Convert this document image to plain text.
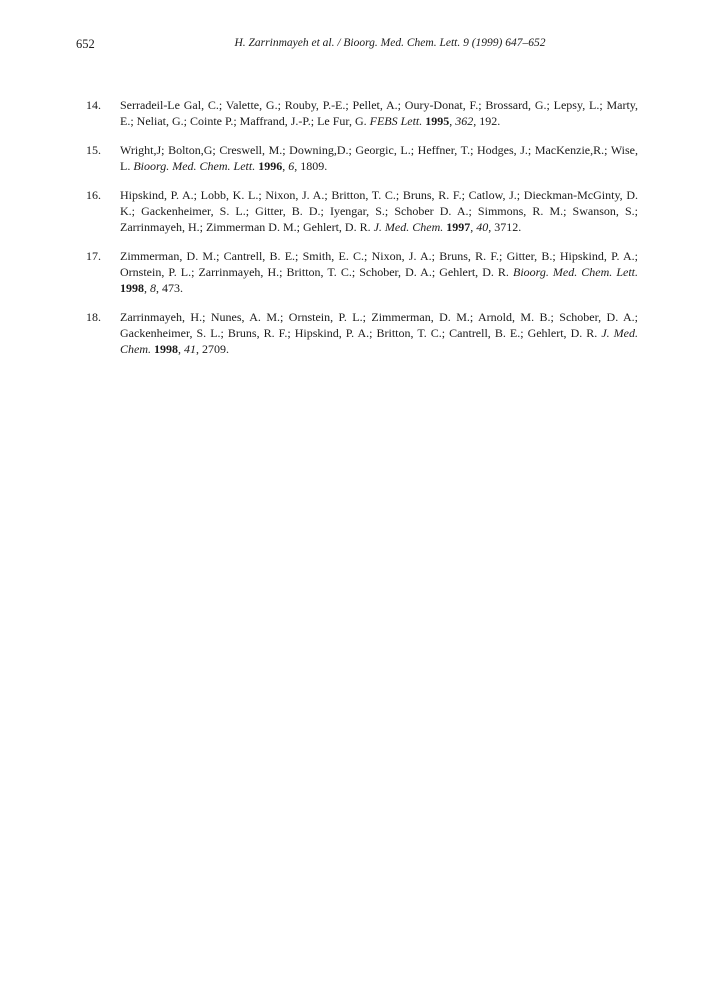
652	H. Zarrinmayeh et al. / Bioorg. Med. Chem. Lett. 9 (1999) 647–652
14. Serradeil-Le Gal, C.; Valette, G.; Rouby, P.-E.; Pellet, A.; Oury-Donat, F.; Brossard, G.; Lepsy, L.; Marty, E.; Neliat, G.; Cointe P.; Maffrand, J.-P.; Le Fur, G. FEBS Lett. 1995, 362, 192.
15. Wright,J; Bolton,G; Creswell, M.; Downing,D.; Georgic, L.; Heffner, T.; Hodges, J.; MacKenzie,R.; Wise, L. Bioorg. Med. Chem. Lett. 1996, 6, 1809.
16. Hipskind, P. A.; Lobb, K. L.; Nixon, J. A.; Britton, T. C.; Bruns, R. F.; Catlow, J.; Dieckman-McGinty, D. K.; Gackenheimer, S. L.; Gitter, B. D.; Iyengar, S.; Schober D. A.; Simmons, R. M.; Swanson, S.; Zarrinmayeh, H.; Zimmerman D. M.; Gehlert, D. R. J. Med. Chem. 1997, 40, 3712.
17. Zimmerman, D. M.; Cantrell, B. E.; Smith, E. C.; Nixon, J. A.; Bruns, R. F.; Gitter, B.; Hipskind, P. A.; Ornstein, P. L.; Zarrinmayeh, H.; Britton, T. C.; Schober, D. A.; Gehlert, D. R. Bioorg. Med. Chem. Lett. 1998, 8, 473.
18. Zarrinmayeh, H.; Nunes, A. M.; Ornstein, P. L.; Zimmerman, D. M.; Arnold, M. B.; Schober, D. A.; Gackenheimer, S. L.; Bruns, R. F.; Hipskind, P. A.; Britton, T. C.; Cantrell, B. E.; Gehlert, D. R. J. Med. Chem. 1998, 41, 2709.
